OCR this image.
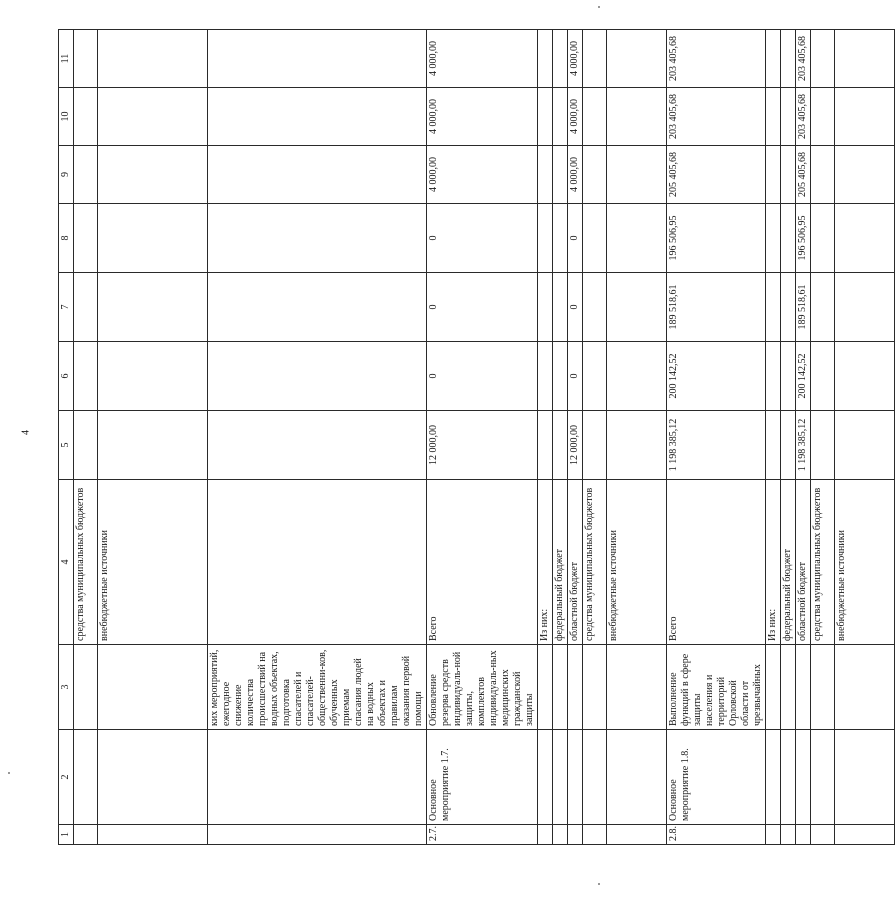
4
1	2	3	4	5	6	7	8	9	10	11
			средства муниципальных бюджетов							
			внебюджетные источники							
		ких мероприятий, ежегодное снижение количества происшествий на водных объектах, подготовка спасателей и спасателей-общественни-ков, обученных приемам спасания людей на водных объектах и правилам оказания первой помощи								
2.7.	Основное мероприятие 1.7.	Обновление резерва средств индивидуаль-ной защиты, комплектов индивидуаль-ных медицинских гражданской защиты	Всего	12 000,00	0	0	0	4 000,00	4 000,00	4 000,00
			Из них:							
			федеральный бюджет							
			областной бюджет	12 000,00	0	0	0	4 000,00	4 000,00	4 000,00
			средства муниципальных бюджетов							
			внебюджетные источники							
2.8.	Основное мероприятие 1.8.	Выполнение функций в сфере защиты населения и территорий Орловской области от чрезвычайных	Всего	1 198 385,12	200 142,52	189 518,61	196 506,95	205 405,68	203 405,68	203 405,68
			Из них:							
			федеральный бюджет							
			областной бюджет	1 198 385,12	200 142,52	189 518,61	196 506,95	205 405,68	203 405,68	203 405,68
			средства муниципальных бюджетов							
			внебюджетные источники							
